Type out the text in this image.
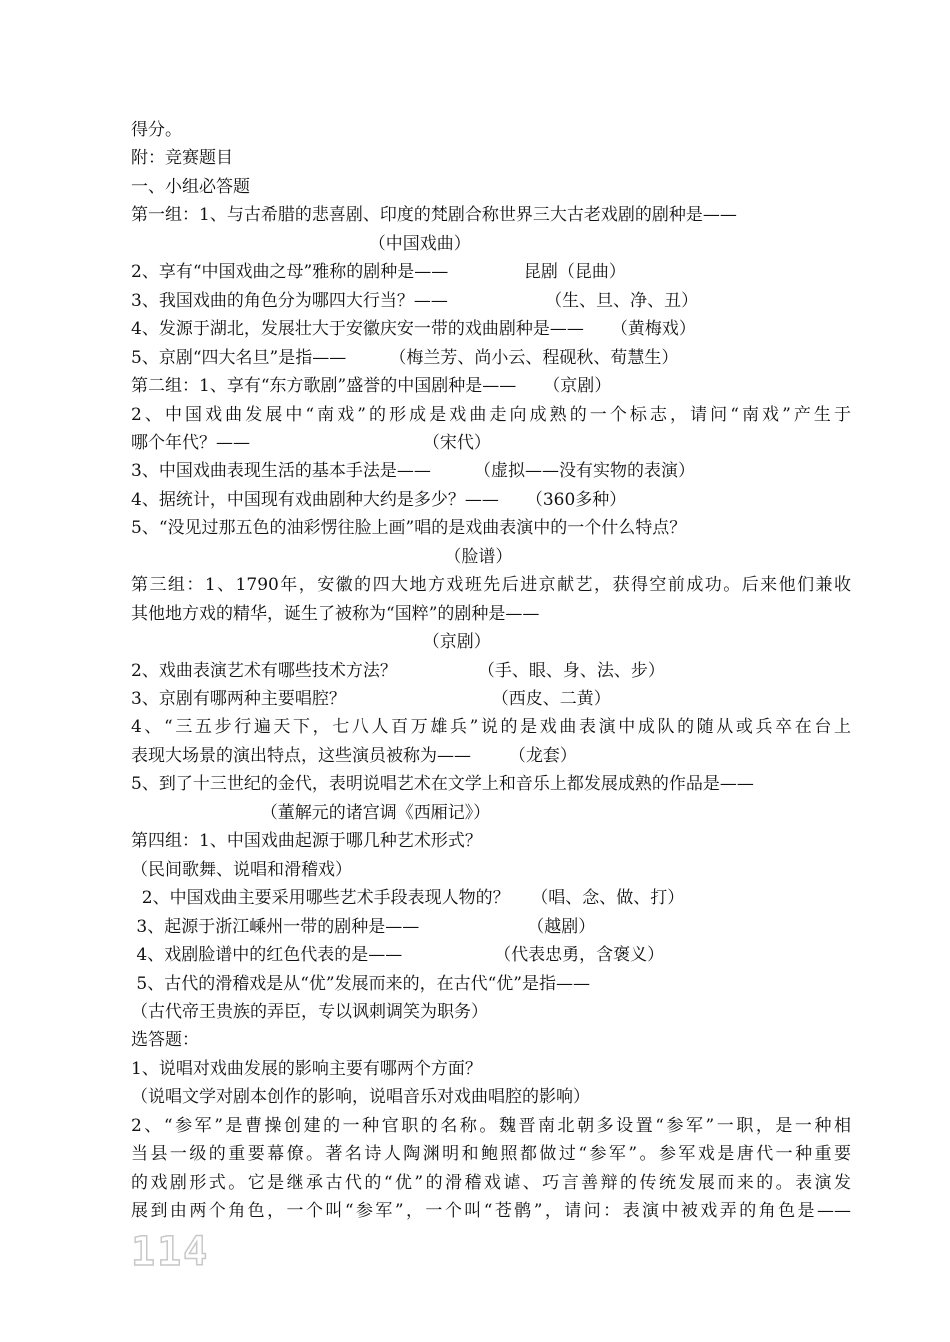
得分。
附：竞赛题目
一、小组必答题
第一组：1、与古希腊的悲喜剧、印度的梵剧合称世界三大古老戏剧的剧种是——
（中国戏曲）
2、享有“中国戏曲之母”雅称的剧种是——              昆剧（昆曲）
3、我国戏曲的角色分为哪四大行当？——                  （生、旦、净、丑）
4、发源于湖北，发展壮大于安徽庆安一带的戏曲剧种是——     （黄梅戏）
5、京剧“四大名旦”是指——        （梅兰芳、尚小云、程砚秋、荀慧生）
第二组：1、享有“东方歌剧”盛誉的中国剧种是——     （京剧）
2、中国戏曲发展中“南戏”的形成是戏曲走向成熟的一个标志，请问“南戏”产生于
哪个年代？——                                （宋代）
3、中国戏曲表现生活的基本手法是——        （虚拟——没有实物的表演）
4、据统计，中国现有戏曲剧种大约是多少？——     （360多种）
5、“没见过那五色的油彩愣往脸上画”唱的是戏曲表演中的一个什么特点？
（脸谱）
第三组：1、1790年，安徽的四大地方戏班先后进京献艺，获得空前成功。后来他们兼收
其他地方戏的精华，诞生了被称为“国粹”的剧种是——
（京剧）
2、戏曲表演艺术有哪些技术方法？               （手、眼、身、法、步）
3、京剧有哪两种主要唱腔？                           （西皮、二黄）
4、“三五步行遍天下，七八人百万雄兵”说的是戏曲表演中成队的随从或兵卒在台上
表现大场景的演出特点，这些演员被称为——       （龙套）
5、到了十三世纪的金代，表明说唱艺术在文学上和音乐上都发展成熟的作品是——
（董解元的诸宫调《西厢记》）
第四组：1、中国戏曲起源于哪几种艺术形式？
（民间歌舞、说唱和滑稽戏）
2、中国戏曲主要采用哪些艺术手段表现人物的？    （唱、念、做、打）
3、起源于浙江嵊州一带的剧种是——                    （越剧）
4、戏剧脸谱中的红色代表的是——                 （代表忠勇，含褒义）
5、古代的滑稽戏是从“优”发展而来的，在古代“优”是指——
（古代帝王贵族的弄臣，专以讽刺调笑为职务）
选答题：
1、说唱对戏曲发展的影响主要有哪两个方面？
（说唱文学对剧本创作的影响，说唱音乐对戏曲唱腔的影响）
2、“参军”是曹操创建的一种官职的名称。魏晋南北朝多设置“参军”一职，是一种相
当县一级的重要幕僚。著名诗人陶渊明和鲍照都做过“参军”。参军戏是唐代一种重要
的戏剧形式。它是继承古代的“优”的滑稽戏谑、巧言善辩的传统发展而来的。表演发
展到由两个角色，一个叫“参军”，一个叫“苍鹘”，请问：表演中被戏弄的角色是——
114
